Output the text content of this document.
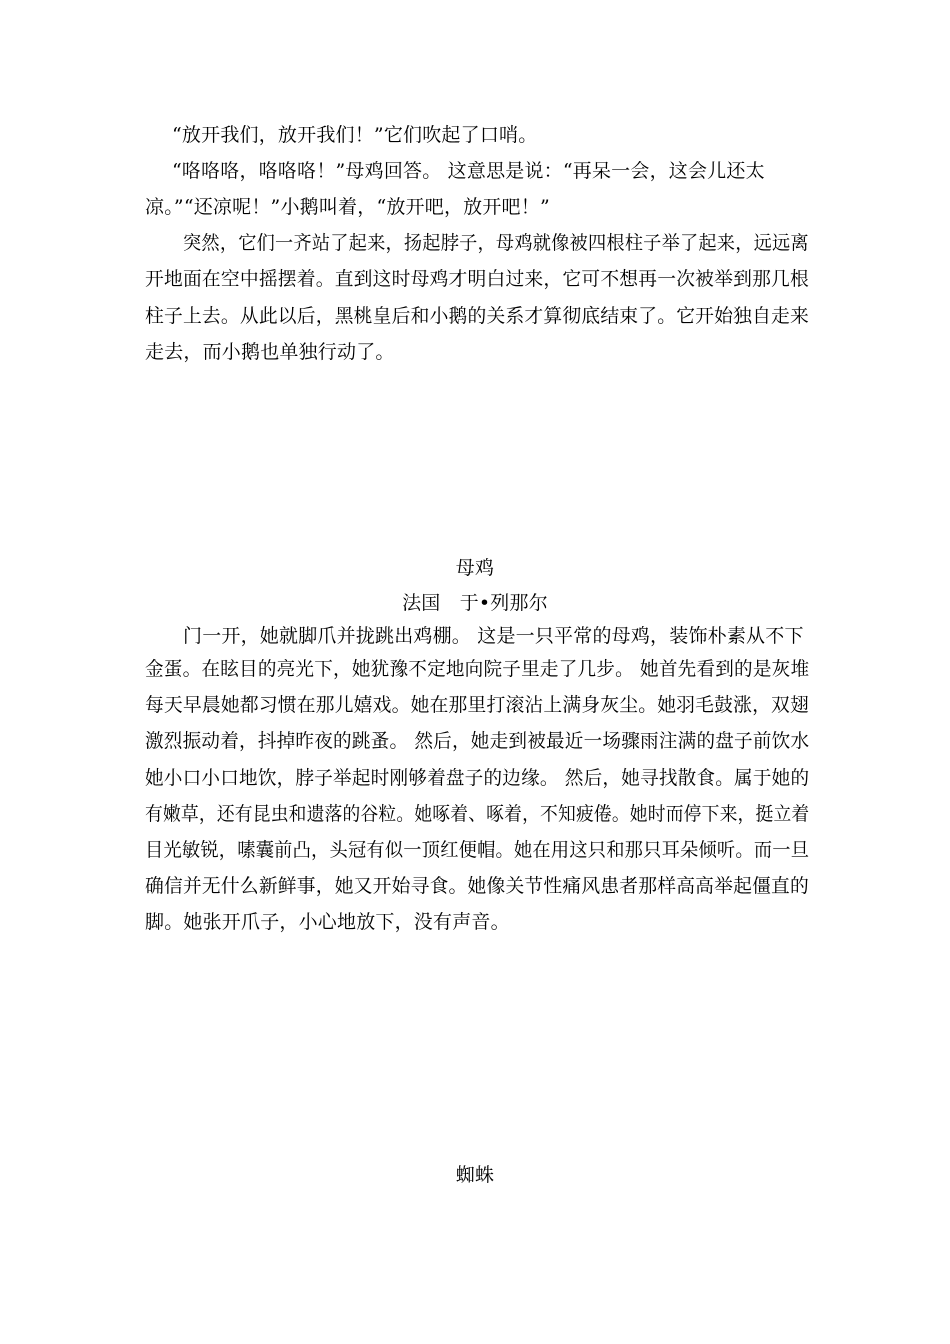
“放开我们，放开我们！”它们吹起了口哨。
“咯咯咯，咯咯咯！”母鸡回答。 这意思是说：“再呆一会，这会儿还太
凉。”“还凉呢！”小鹅叫着，“放开吧，放开吧！”
突然，它们一齐站了起来，扬起脖子，母鸡就像被四根柱子举了起来，远远离
开地面在空中摇摆着。直到这时母鸡才明白过来，它可不想再一次被举到那几根
柱子上去。从此以后，黑桃皇后和小鹅的关系才算彻底结束了。它开始独自走来
走去，而小鹅也单独行动了。
母鸡
法国　于•列那尔
门一开，她就脚爪并拢跳出鸡棚。 这是一只平常的母鸡，装饰朴素从不下
金蛋。在眩目的亮光下，她犹豫不定地向院子里走了几步。 她首先看到的是灰堆
每天早晨她都习惯在那儿嬉戏。她在那里打滚沾上满身灰尘。她羽毛鼓涨，双翅
激烈振动着，抖掉昨夜的跳蚤。 然后，她走到被最近一场骤雨注满的盘子前饮水
她小口小口地饮，脖子举起时刚够着盘子的边缘。 然后，她寻找散食。属于她的
有嫩草，还有昆虫和遗落的谷粒。她啄着、啄着，不知疲倦。她时而停下来，挺立着
目光敏锐，嗉囊前凸，头冠有似一顶红便帽。她在用这只和那只耳朵倾听。而一旦
确信并无什么新鲜事，她又开始寻食。她像关节性痛风患者那样高高举起僵直的
脚。她张开爪子，小心地放下，没有声音。
蜘蛛
